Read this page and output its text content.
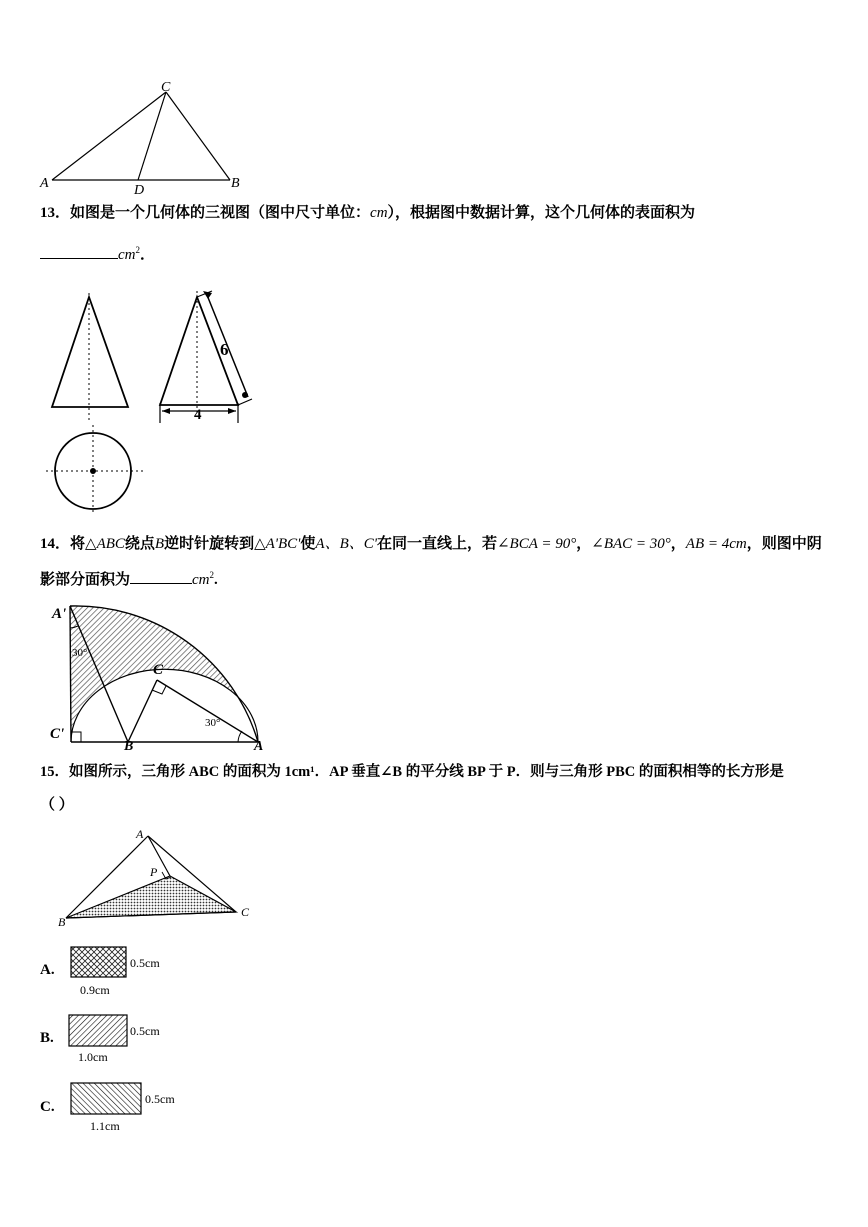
C
A	D	B
13．如图是一个几何体的三视图（图中尺寸单位：cm），根据图中数据计算，这个几何体的表面积为
$cm^2$．
6
4
14．将△ABC绕点B逆时针旋转到△A'BC'使A、B、C'在同一直线上，若∠BCA = 90°，∠BAC = 30°，AB = 4cm，则图中阴
影部分面积为	$cm^2$.
A'
30°
C
30°
C'
B	A
15．如图所示，三角形 ABC 的面积为 1cm¹．AP 垂直∠B 的平分线 BP 于 P．则与三角形 PBC 的面积相等的长方形是
（ ）
A
P
B
C
A.	0.5cm
0.9cm
B.	0.5cm
1.0cm
C.	0.5cm
1.1cm
